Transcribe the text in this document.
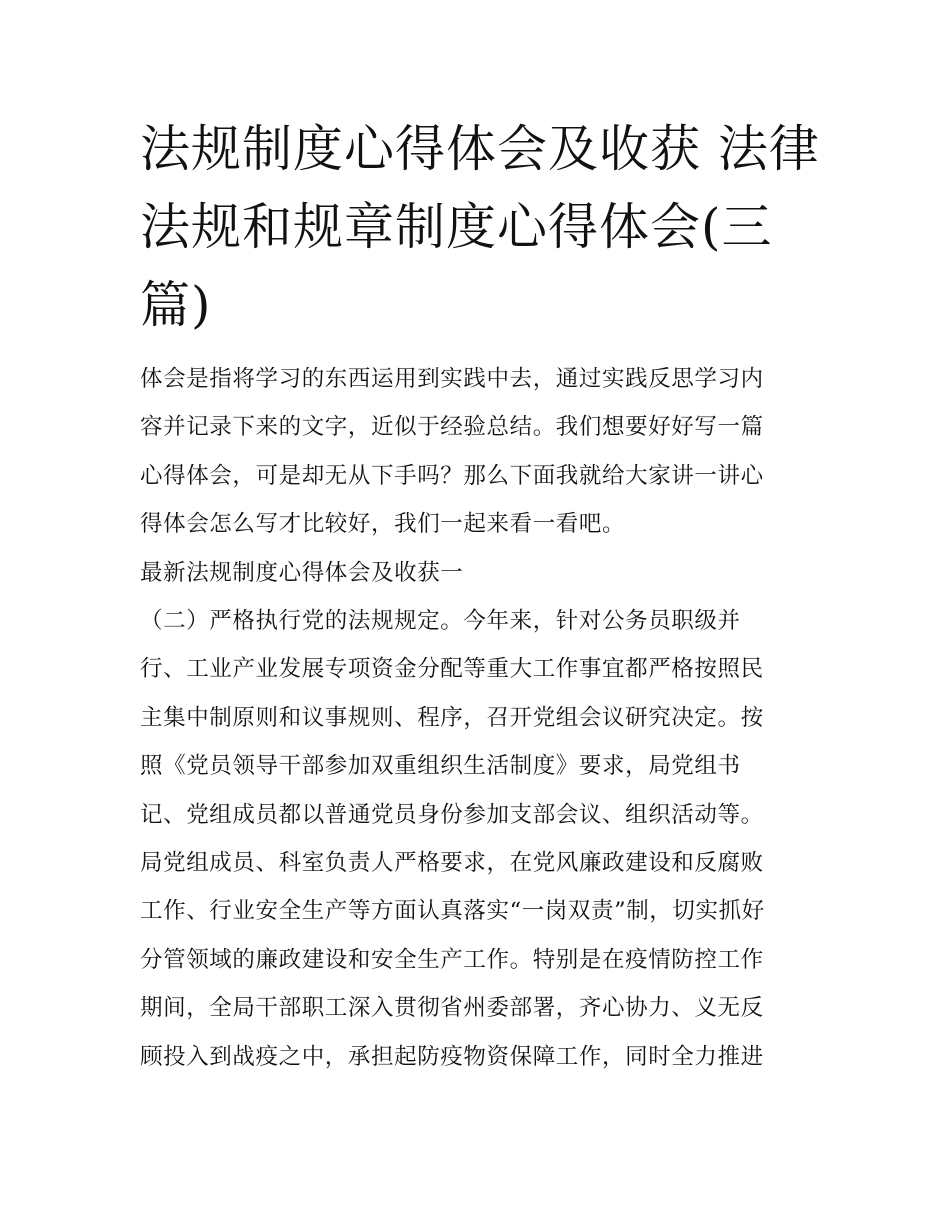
法规制度心得体会及收获 法律
法规和规章制度心得体会(三
篇)
体会是指将学习的东西运用到实践中去，通过实践反思学习内
容并记录下来的文字，近似于经验总结。我们想要好好写一篇
心得体会，可是却无从下手吗？那么下面我就给大家讲一讲心
得体会怎么写才比较好，我们一起来看一看吧。
最新法规制度心得体会及收获一
（二）严格执行党的法规规定。今年来，针对公务员职级并
行、工业产业发展专项资金分配等重大工作事宜都严格按照民
主集中制原则和议事规则、程序，召开党组会议研究决定。按
照《党员领导干部参加双重组织生活制度》要求，局党组书
记、党组成员都以普通党员身份参加支部会议、组织活动等。
局党组成员、科室负责人严格要求，在党风廉政建设和反腐败
工作、行业安全生产等方面认真落实“一岗双责”制，切实抓好
分管领域的廉政建设和安全生产工作。特别是在疫情防控工作
期间，全局干部职工深入贯彻省州委部署，齐心协力、义无反
顾投入到战疫之中，承担起防疫物资保障工作，同时全力推进
